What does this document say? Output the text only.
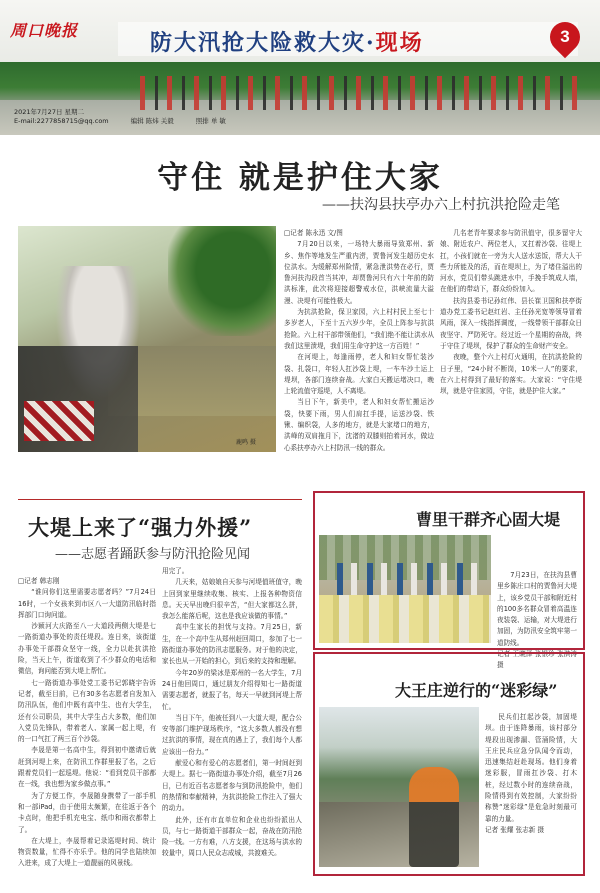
周口晚报	防大汛抢大险救大灾·现场	3
2021年7月27日 星期二
E-mail:2277858715@qq.com	编辑 陈炜 关毅	照排 单 敏
守住 就是护住大家
——扶沟县扶亭办六上村抗洪抢险走笔
鹿鸣 摄

□记者 陈永迅 文/图

7月20日以来，一场特大暴雨导致郑州、新乡、焦作等地发生严重内涝，贾鲁河发生超历史水位洪水。为缓解郑州险情，紧急泄洪势在必行，贾鲁河扶沟段首当其冲，却贾鲁河只有六十年前的防洪标准，此次将迎接超警戒水位，洪峡流量大溢漫、决堤有可能性极大。

为抗洪抢险，保卫家园，六上村村民上至七十多岁老人，下至十五六岁少年，全员上阵参与抗洪抢险。六上村干部带领他们，“我们绝不能让洪水从我们这里溃堤，我们用生命守护这一方百姓！”

在河堤上，每逢雨停，老人和妇女帮忙装沙袋、扎袋口，年轻人扛沙袋上堤，一车车沙土运上堤坝，各部门连续奋战。大家白天搬运堵决口，晚上轮流值守巡堤，人不离堤。

当日下午，新美中，老人和妇女帮忙搬运沙袋，快要下雨，男人们肩扛手提，运送沙袋、铁锹、编织袋，人多的地方，就是大家堵口的地方，洪峰的双肩拖月下，沈渚的双膝则拍着河水，做边心系扶亭办六上村防汛一线的群众。

几名老青年要求参与防汛值守，很多留守大娘、附近农户、两位老人，又扛着沙袋、往堤上扛，小孩们就在一旁为大人送水送饭，帮大人干些力所能及的活，而在堤坝上，为了堵住溢出的河水，党员们带头跳进水中，手挽手筑成人墙，在他们的带动下，群众纷纷加入。

扶沟县委书记孙红伟、县长崔卫国和扶亭街道办党工委书记赵红岩、主任孙光宽等领导冒着风雨，深入一线指挥调度，一线带领干部群众日夜坚守、严防死守。经过近一个星期的奋战，终于守住了堤坝，保护了群众的生命财产安全。

夜晚，整个六上村灯火通明，在抗洪抢险的日子里，“24小时不断岗，10米一人”的要求，在六上村得到了最好的落实。大家说：“守住堤坝，就是守住家园，守住，就是护住大家。”

大堤上来了“强力外援”
——志愿者踊跃参与防汛抢险见闻

□记者 韩志刚

“谁问你们这里需要志愿者吗？”7月24日16时，一个女孩来到市区八一大道防汛临时指挥部门口询问道。

沙颍河大庆路至八一大道段两侧大堤是七一路街道办事处的责任堤段。连日来，该街道办事处干部群众坚守一线，全力以赴抗洪抢险，当天上午，街道收到了不少群众的电话和微信，询问能否到大堤上帮忙。

七一路街道办事处党工委书记郭晓宇告诉记者，截至目前，已有30多名志愿者自发加入防汛队伍，他们中既有高中生、也有大学生，还有公司职员，其中大学生占大多数，他们加入党员先锋队，带着老人、家属一起上堤，有的一口气扛了两三百个沙袋。

李晟是第一名高中生，得到初中邀请后就赶到河堤上来，在防汛工作群里报了名，之后跟着党员们一起巡堤。他说：“看到党员干部都在一线，我也想为家乡做点事。”

为了方便工作，李晟随身携带了一部手机和一部iPad，由于使用太频繁，在往返于各个卡点时，他把手机充电宝、纸巾和雨衣都带上了。

在大堤上，李晟帮着记录巡堤时间、统计物资数量，忙得不亦乐乎。他的同学也陆续加入进来，成了大堤上一道靓丽的风景线。

用完了。

几天来，姑娘娘自天参与河堤值班值守，晚上回到家里继续收集、核实、上报各种物资信息。天天早出晚归很辛苦，“但大家都这么拼，我怎么能落后呢，这也是我应该做的事情。”

高中生家长的担忧与支持。7月25日，新生，在一个高中生从郑州赶回周口，参加了七一路街道办事处的防汛志愿服务。对于他的决定，家长也从一开始的担心，到后来的支持和理解。

今年20岁的梁冰是郑州的一名大学生，7月24日他回周口，通过朋友介绍得知七一路街道需要志愿者，就报了名，每天一早就到河堤上帮忙。

当日下午，他被任到八一大道大堤，配合公安等部门维护现场秩序，“这大多数人都没有想过抗洪的事情，现在真的遇上了，我们每个人都应该出一份力。”

献爱心和有爱心的志愿者们，第一时间赶到大堤上。据七一路街道办事处介绍，截至7月26日，已有近百名志愿者参与到防汛抢险中，他们的热情和奉献精神，为抗洪抢险工作注入了强大的动力。

此外，还有市直单位和企业也纷纷派出人员，与七一路街道干部群众一起，奋战在防汛抢险一线。一方有难，八方支援，在这场与洪水的较量中，周口人民众志成城，共渡难关。

曹里干群齐心固大堤

7月23日，在扶沟县曹里乡陈庄口村的贾鲁河大堤上，该乡党员干部和附近村的100多名群众冒着高温连夜装袋、运输，对大堤进行加固，为防汛安全筑牢第一道防线。

记者 王晓泽 张银珍 张洪涛 摄

大王庄逆行的“迷彩绿”

民兵们扛起沙袋，加固堤坝。由于连降暴雨，该村部分堤段出现渗漏、管涌险情，大王庄民兵应急分队闻令而动，迅速集结赶赴现场。他们身着迷彩服，冒雨扛沙袋、打木桩，经过数小时的连续奋战，险情得到有效控制，大家纷纷称赞“迷彩绿”是危急时刻最可靠的力量。

记者 张耀 张志新 摄
